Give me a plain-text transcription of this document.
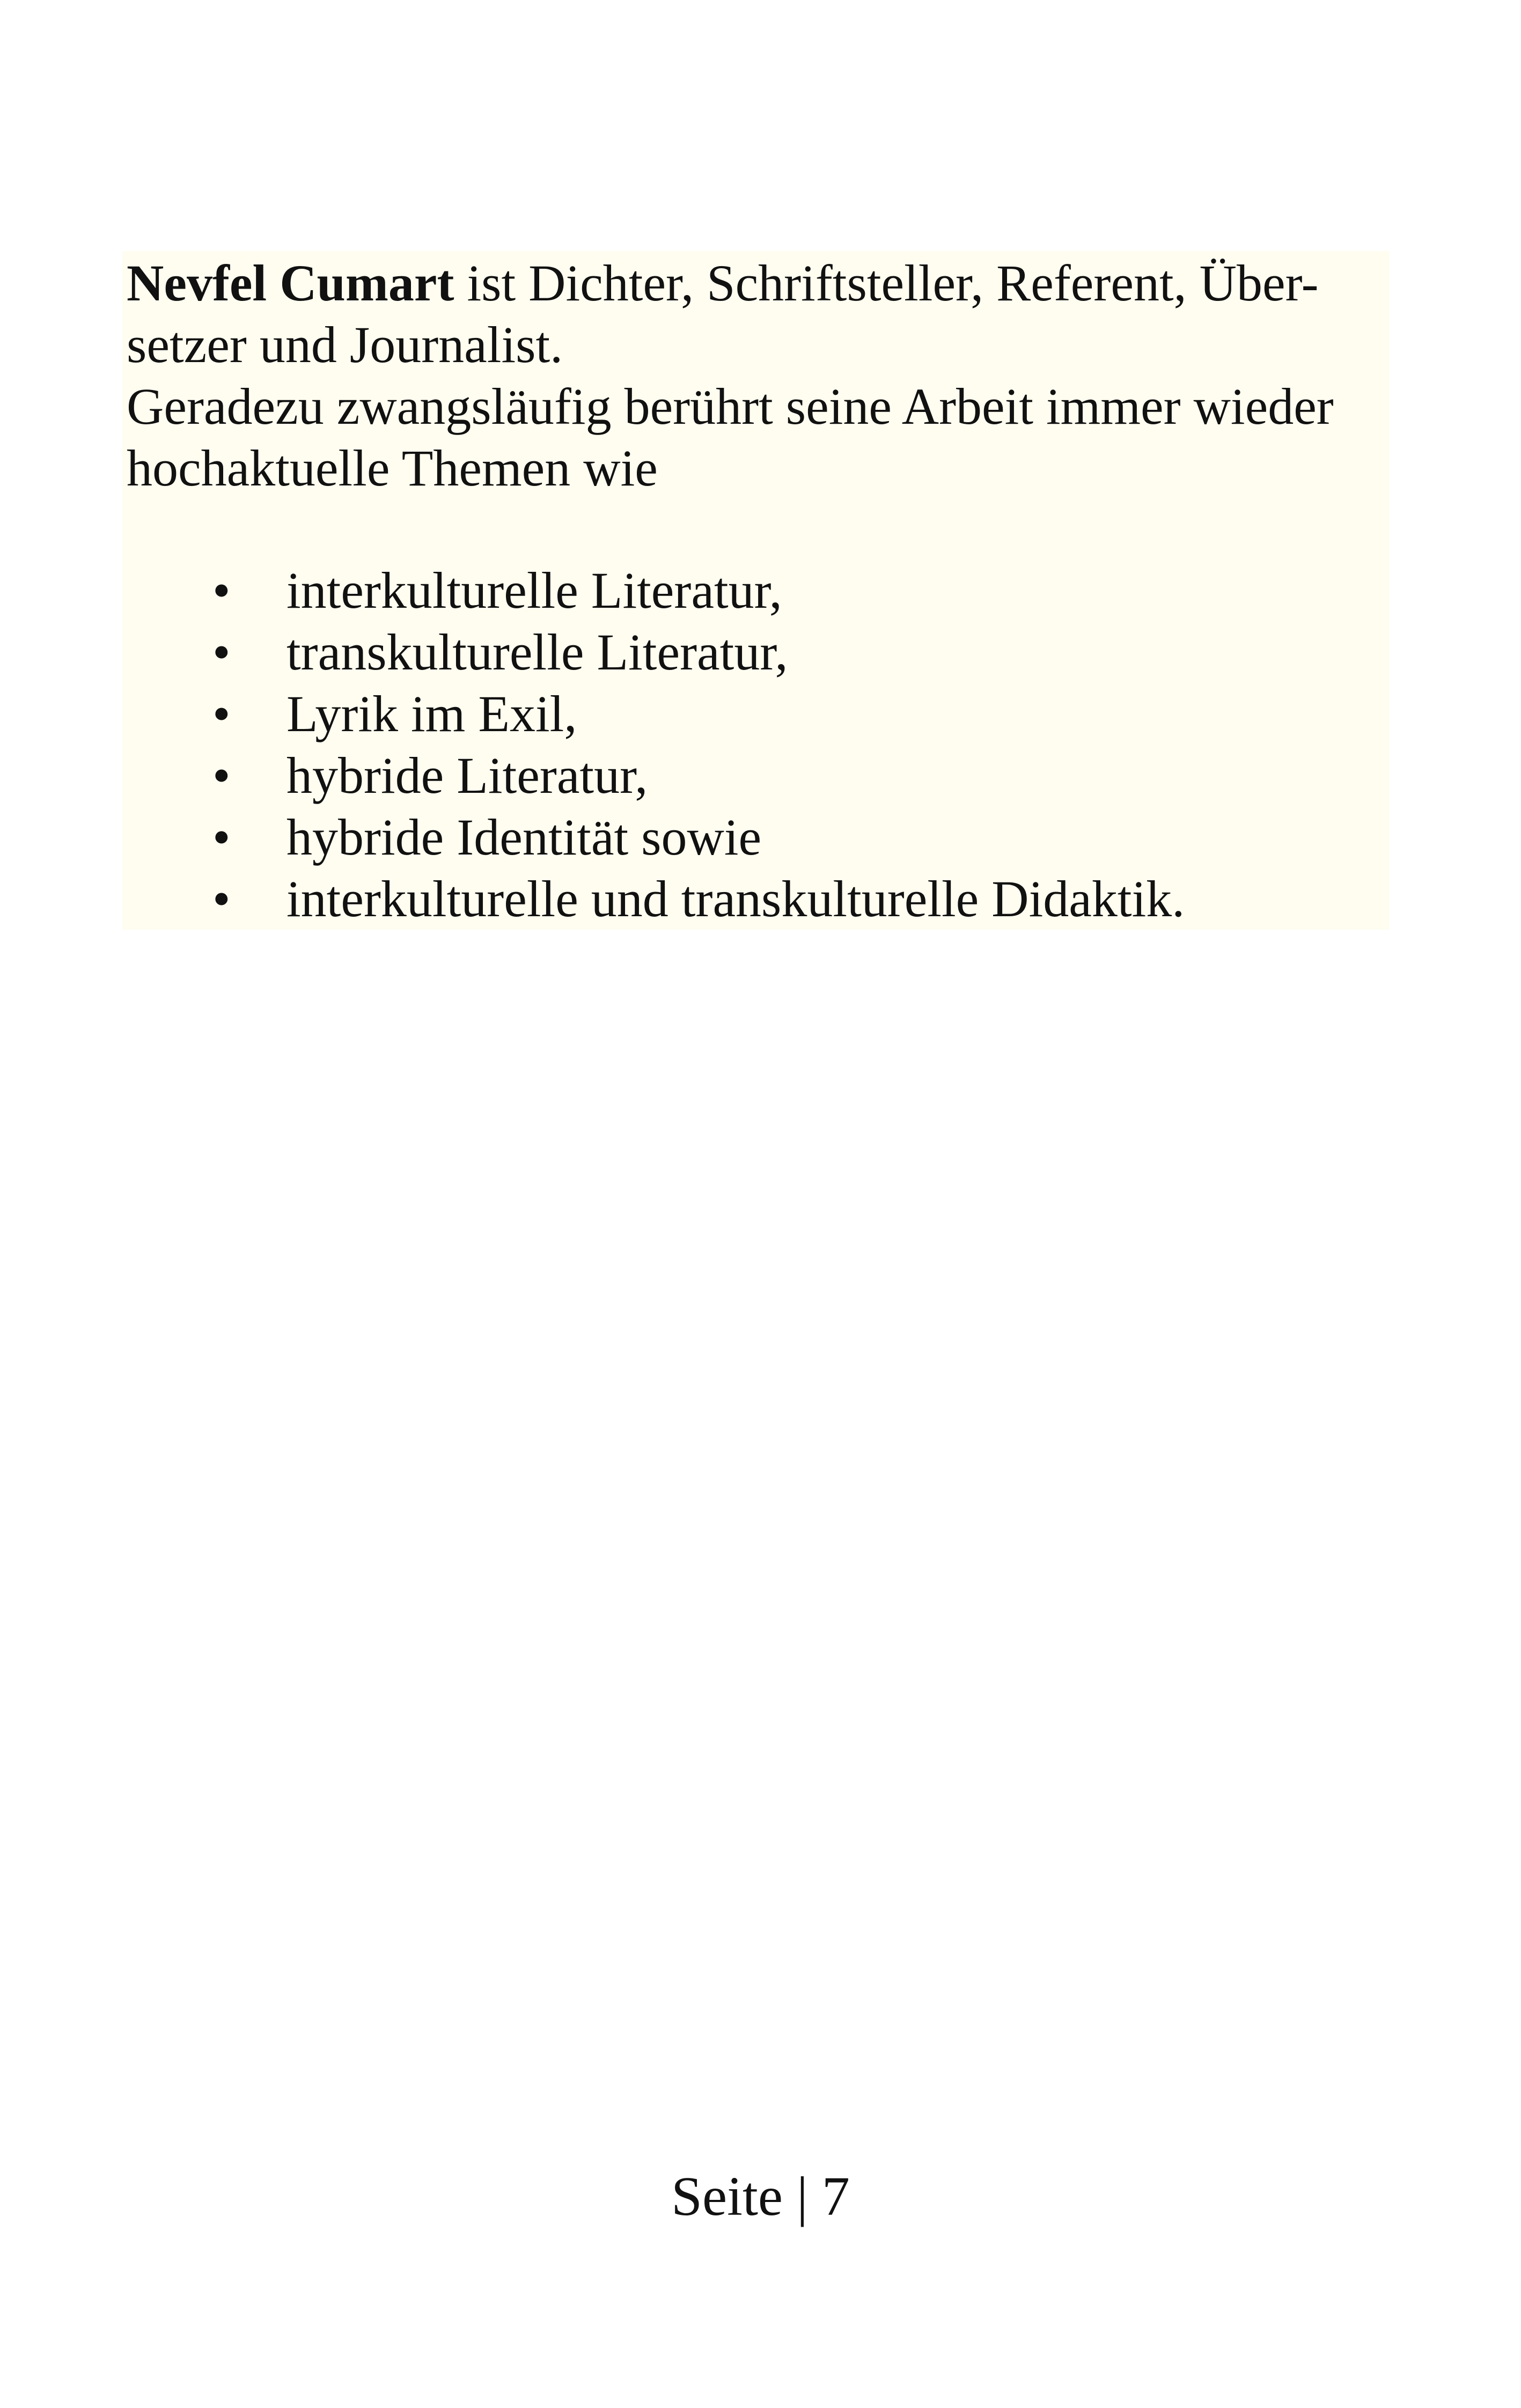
Nevfel Cumart ist Dichter, Schriftsteller, Referent, Über-

setzer und Journalist.

Geradezu zwangsläufig berührt seine Arbeit immer wieder

hochaktuelle Themen wie

• interkulturelle Literatur,
• transkulturelle Literatur,
• Lyrik im Exil,
• hybride Literatur,
• hybride Identität sowie
• interkulturelle und transkulturelle Didaktik.
Seite | 7
